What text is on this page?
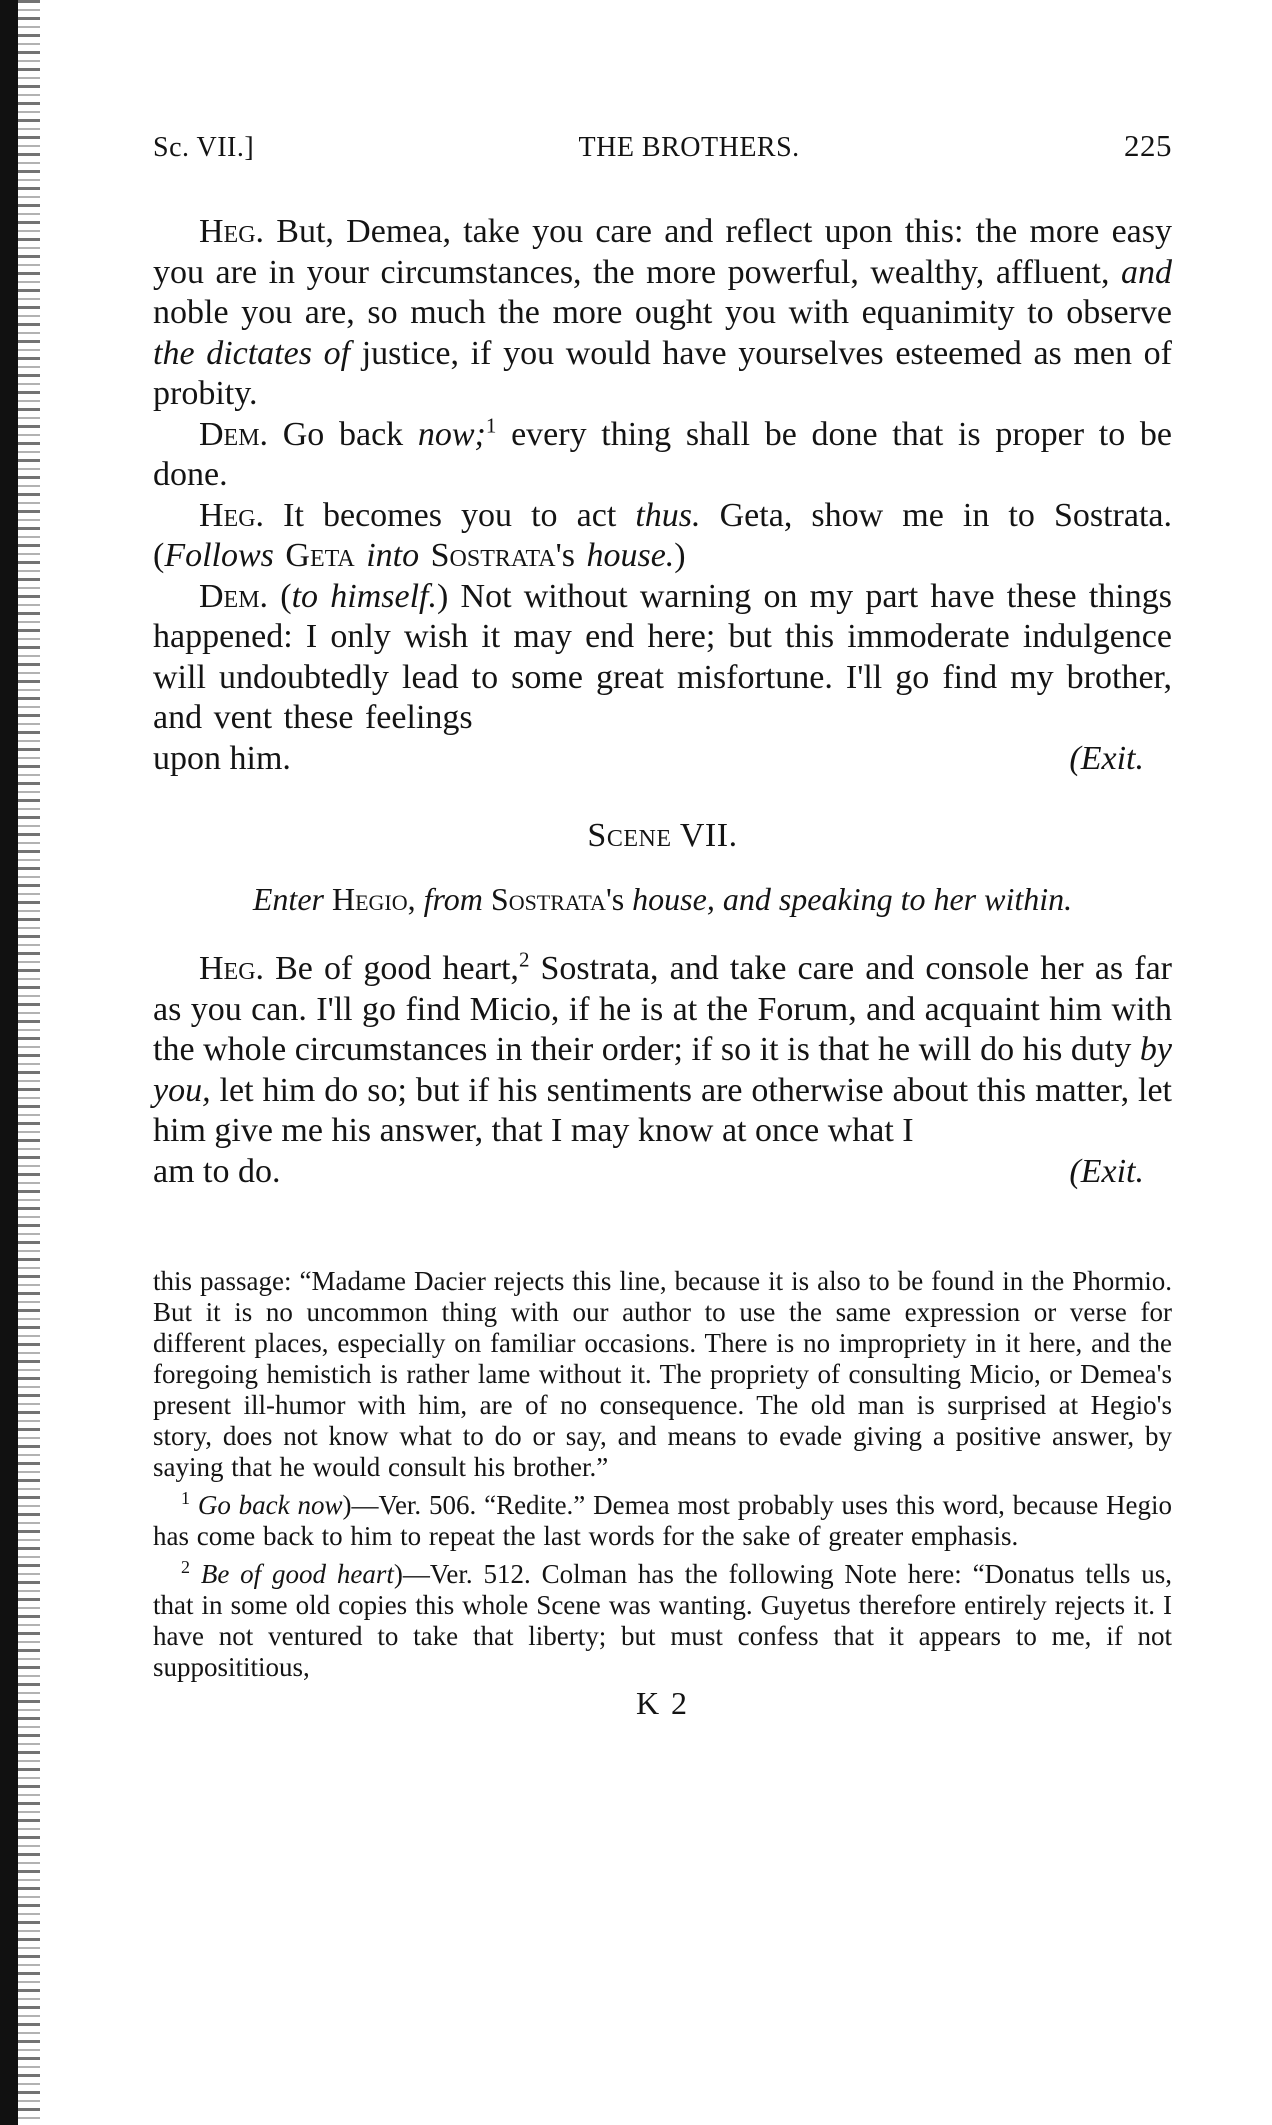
Sc. VII.]	THE BROTHERS.	225

Heg. But, Demea, take you care and reflect upon this: the more easy you are in your circumstances, the more powerful, wealthy, affluent, and noble you are, so much the more ought you with equanimity to observe the dictates of justice, if you would have yourselves esteemed as men of probity.

Dem. Go back now;$^1$ every thing shall be done that is proper to be done.

Heg. It becomes you to act thus. Geta, show me in to Sostrata. (Follows Geta into Sostrata's house.)

Dem. (to himself.) Not without warning on my part have these things happened: I only wish it may end here; but this immoderate indulgence will undoubtedly lead to some great misfortune. I'll go find my brother, and vent these feelings

upon him.	(Exit.
Scene VII.
Enter Hegio, from Sostrata's house, and speaking to her within.

Heg. Be of good heart,$^2$ Sostrata, and take care and console her as far as you can. I'll go find Micio, if he is at the Forum, and acquaint him with the whole circumstances in their order; if so it is that he will do his duty by you, let him do so; but if his sentiments are otherwise about this matter, let him give me his answer, that I may know at once what I

am to do.	(Exit.

this passage: “Madame Dacier rejects this line, because it is also to be found in the Phormio. But it is no uncommon thing with our author to use the same expression or verse for different places, especially on familiar occasions. There is no impropriety in it here, and the foregoing hemistich is rather lame without it. The propriety of consulting Micio, or Demea's present ill-humor with him, are of no consequence. The old man is surprised at Hegio's story, does not know what to do or say, and means to evade giving a positive answer, by saying that he would consult his brother.”

$^1$ Go back now)—Ver. 506. “Redite.” Demea most probably uses this word, because Hegio has come back to him to repeat the last words for the sake of greater emphasis.

$^2$ Be of good heart)—Ver. 512. Colman has the following Note here: “Donatus tells us, that in some old copies this whole Scene was wanting. Guyetus therefore entirely rejects it. I have not ventured to take that liberty; but must confess that it appears to me, if not supposititious,

K 2
